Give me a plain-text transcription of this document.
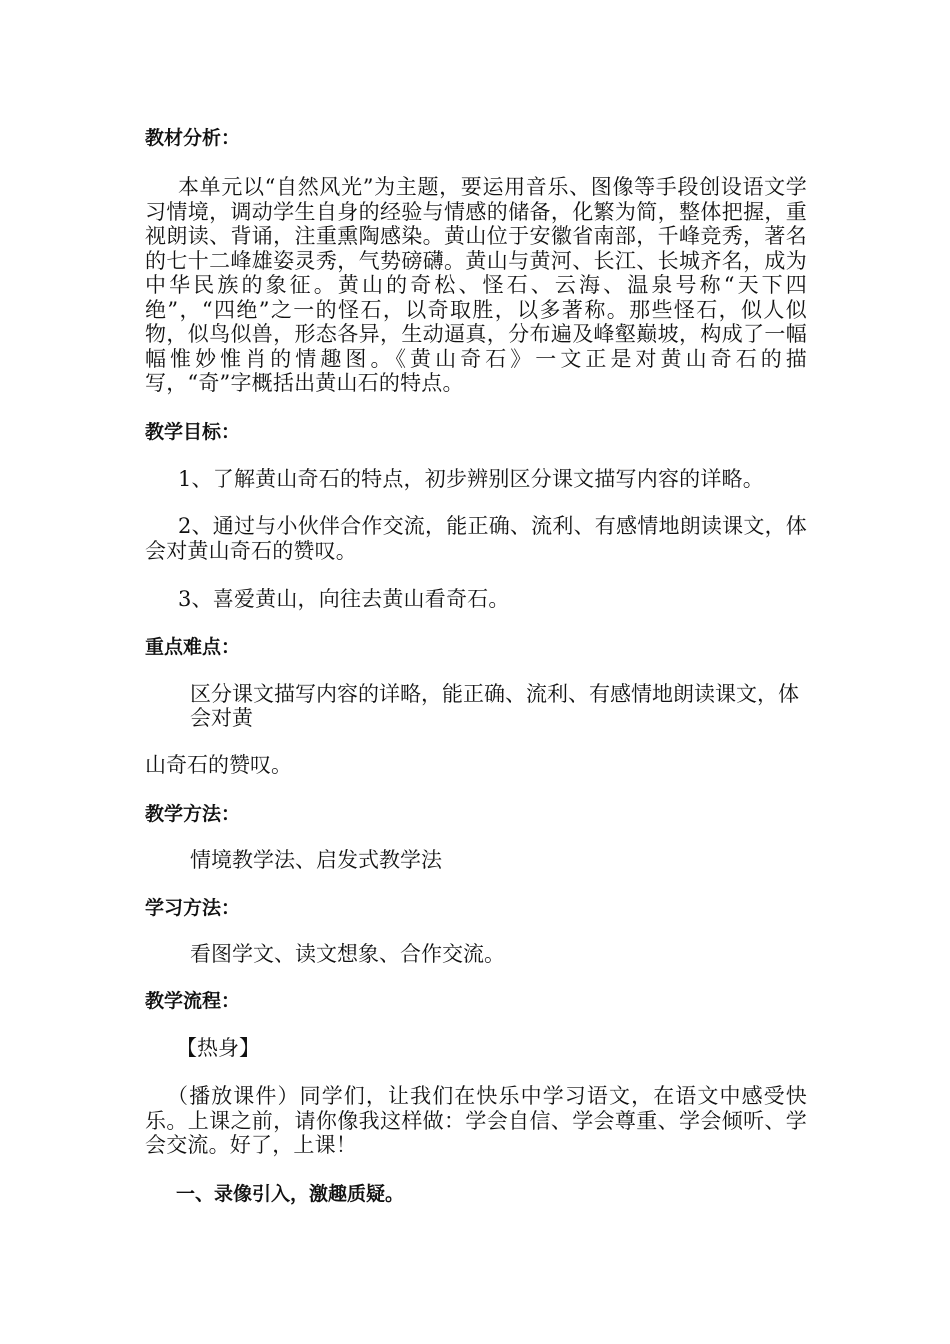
教材分析：
本单元以“自然风光”为主题，要运用音乐、图像等手段创设语文学习情境，调动学生自身的经验与情感的储备，化繁为简，整体把握，重视朗读、背诵，注重熏陶感染。黄山位于安徽省南部，千峰竞秀，著名的七十二峰雄姿灵秀，气势磅礴。黄山与黄河、长江、长城齐名，成为中华民族的象征。黄山的奇松、怪石、云海、温泉号称“天下四绝”，“四绝”之一的怪石，以奇取胜，以多著称。那些怪石，似人似物，似鸟似兽，形态各异，生动逼真，分布遍及峰壑巅坡，构成了一幅幅惟妙惟肖的情趣图。《黄山奇石》一文正是对黄山奇石的描写，“奇”字概括出黄山石的特点。
教学目标：
1、了解黄山奇石的特点，初步辨别区分课文描写内容的详略。
2、通过与小伙伴合作交流，能正确、流利、有感情地朗读课文，体会对黄山奇石的赞叹。
3、喜爱黄山，向往去黄山看奇石。
重点难点：
区分课文描写内容的详略，能正确、流利、有感情地朗读课文，体
会对黄
山奇石的赞叹。
教学方法：
情境教学法、启发式教学法
学习方法：
看图学文、读文想象、合作交流。
教学流程：
【热身】
（播放课件）同学们，让我们在快乐中学习语文，在语文中感受快乐。上课之前，请你像我这样做：学会自信、学会尊重、学会倾听、学会交流。好了，上课！
一、录像引入，激趣质疑。
